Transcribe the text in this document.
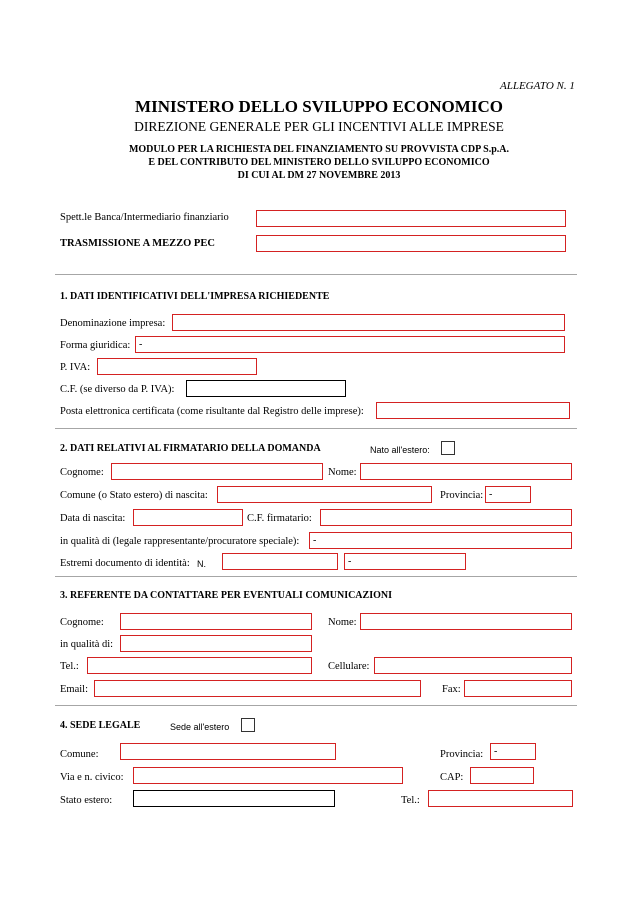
ALLEGATO N. 1
MINISTERO DELLO SVILUPPO ECONOMICO
DIREZIONE GENERALE PER GLI INCENTIVI ALLE IMPRESE
MODULO PER LA RICHIESTA DEL FINANZIAMENTO SU PROVVISTA CDP S.p.A.
E DEL CONTRIBUTO DEL MINISTERO DELLO SVILUPPO ECONOMICO
DI CUI AL DM 27 NOVEMBRE 2013
Spett.le Banca/Intermediario finanziario
TRASMISSIONE A MEZZO PEC
1. DATI IDENTIFICATIVI DELL'IMPRESA RICHIEDENTE
Denominazione impresa:
Forma giuridica: -
P. IVA:
C.F. (se diverso da P. IVA):
Posta elettronica certificata (come risultante dal Registro delle imprese):
2. DATI RELATIVI AL FIRMATARIO DELLA DOMANDA	Nato all'estero:
Cognome:	Nome:
Comune (o Stato estero) di nascita:	Provincia: -
Data di nascita:	C.F. firmatario:
in qualità di (legale rappresentante/procuratore speciale):	-
Estremi documento di identità: N.	-
3. REFERENTE DA CONTATTARE PER EVENTUALI COMUNICAZIONI
Cognome:	Nome:
in qualità di:
Tel.:	Cellulare:
Email:	Fax:
4. SEDE LEGALE	Sede all'estero
Comune:	Provincia:	-
Via e n. civico:	CAP:
Stato estero:	Tel.:
